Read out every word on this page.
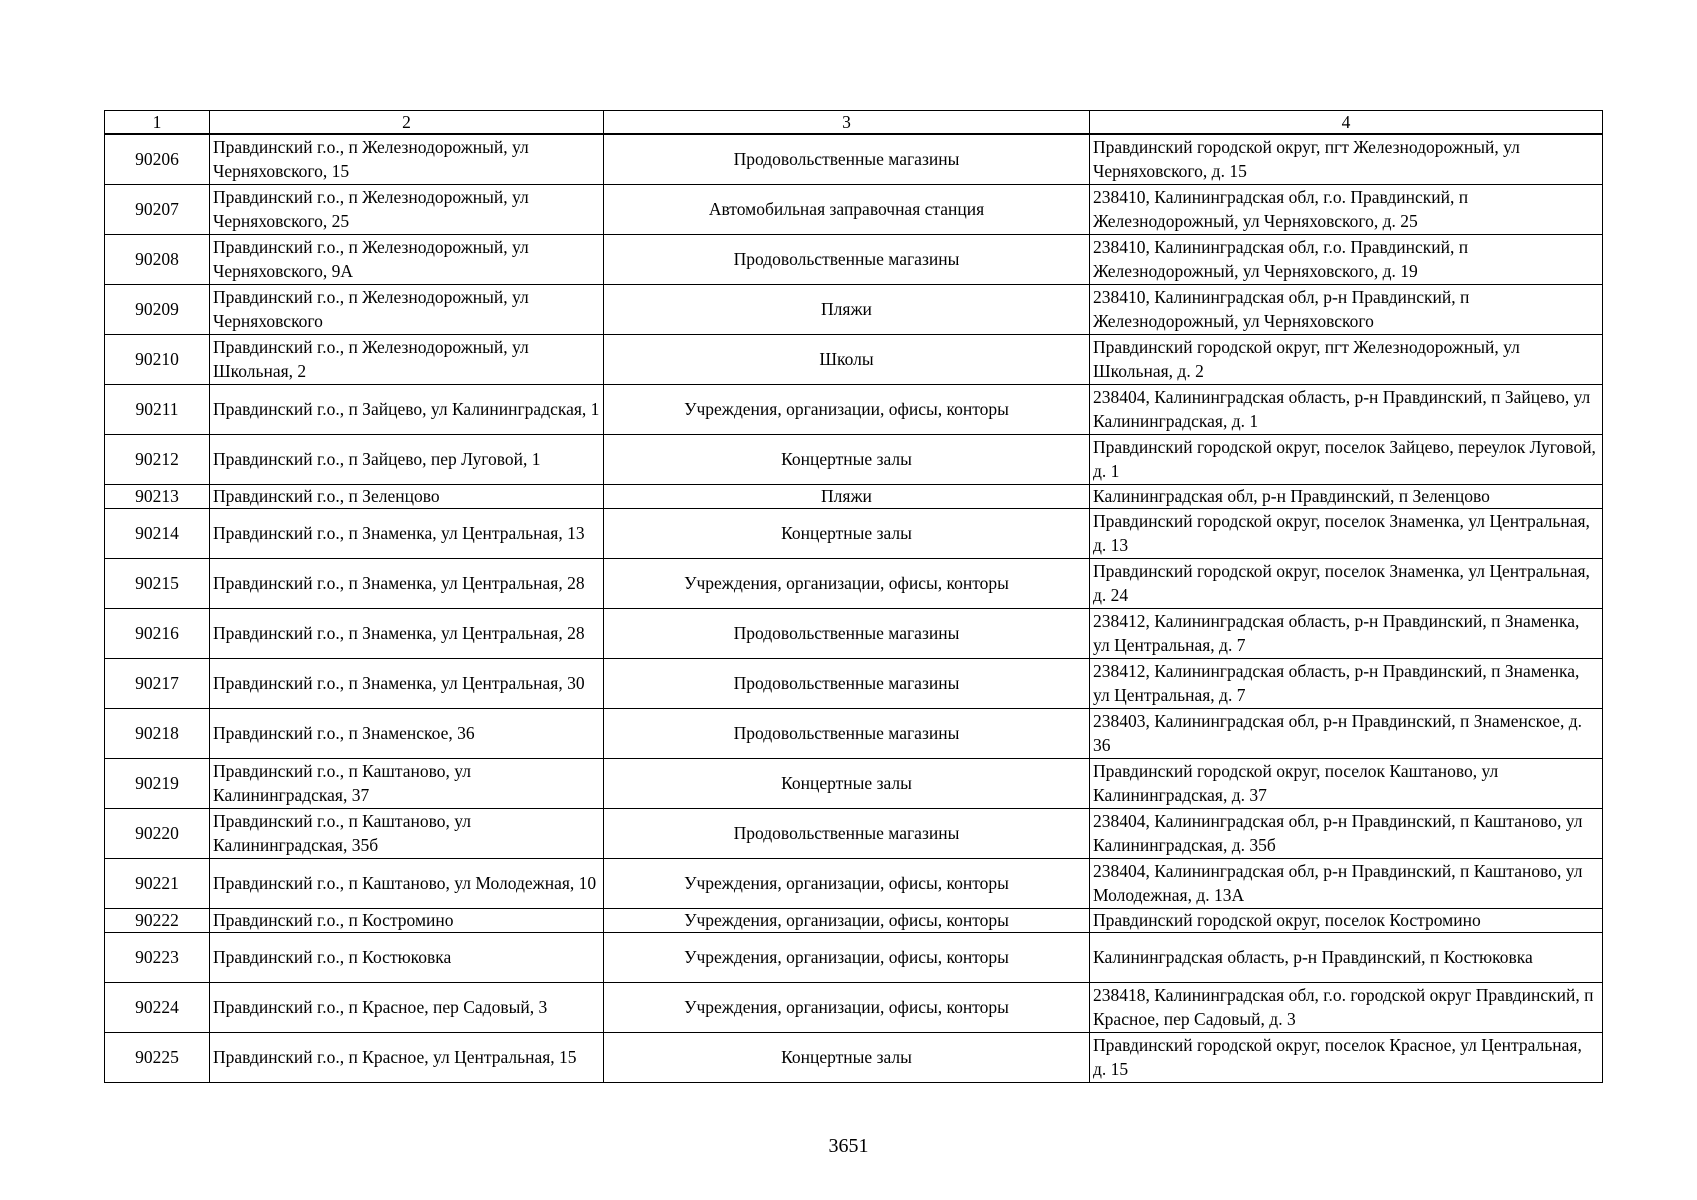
1	2	3	4
90206	Правдинский г.о., п Железнодорожный, ул Черняховского, 15	Продовольственные магазины	Правдинский городской округ, пгт Железнодорожный, ул Черняховского, д. 15
90207	Правдинский г.о., п Железнодорожный, ул Черняховского, 25	Автомобильная заправочная станция	238410, Калининградская обл, г.о. Правдинский, п Железнодорожный, ул Черняховского, д. 25
90208	Правдинский г.о., п Железнодорожный, ул Черняховского, 9А	Продовольственные магазины	238410, Калининградская обл, г.о. Правдинский, п Железнодорожный, ул Черняховского, д. 19
90209	Правдинский г.о., п Железнодорожный, ул Черняховского	Пляжи	238410, Калининградская обл, р-н Правдинский, п Железнодорожный, ул Черняховского
90210	Правдинский г.о., п Железнодорожный, ул Школьная, 2	Школы	Правдинский городской округ, пгт Железнодорожный, ул Школьная, д. 2
90211	Правдинский г.о., п Зайцево, ул Калининградская, 1	Учреждения, организации, офисы, конторы	238404, Калининградская область, р-н Правдинский, п Зайцево, ул Калининградская, д. 1
90212	Правдинский г.о., п Зайцево, пер Луговой, 1	Концертные залы	Правдинский городской округ, поселок Зайцево, переулок Луговой, д. 1
90213	Правдинский г.о., п Зеленцово	Пляжи	Калининградская обл, р-н Правдинский, п Зеленцово
90214	Правдинский г.о., п Знаменка, ул Центральная, 13	Концертные залы	Правдинский городской округ, поселок Знаменка, ул Центральная, д. 13
90215	Правдинский г.о., п Знаменка, ул Центральная, 28	Учреждения, организации, офисы, конторы	Правдинский городской округ, поселок Знаменка, ул Центральная, д. 24
90216	Правдинский г.о., п Знаменка, ул Центральная, 28	Продовольственные магазины	238412, Калининградская область, р-н Правдинский, п Знаменка, ул Центральная, д. 7
90217	Правдинский г.о., п Знаменка, ул Центральная, 30	Продовольственные магазины	238412, Калининградская область, р-н Правдинский, п Знаменка, ул Центральная, д. 7
90218	Правдинский г.о., п Знаменское, 36	Продовольственные магазины	238403, Калининградская обл, р-н Правдинский, п Знаменское, д. 36
90219	Правдинский г.о., п Каштаново, ул Калининградская, 37	Концертные залы	Правдинский городской округ, поселок Каштаново, ул Калининградская, д. 37
90220	Правдинский г.о., п Каштаново, ул Калининградская, 35б	Продовольственные магазины	238404, Калининградская обл, р-н Правдинский, п Каштаново, ул Калининградская, д. 35б
90221	Правдинский г.о., п Каштаново, ул Молодежная, 10	Учреждения, организации, офисы, конторы	238404, Калининградская обл, р-н Правдинский, п Каштаново, ул Молодежная, д. 13А
90222	Правдинский г.о., п Костромино	Учреждения, организации, офисы, конторы	Правдинский городской округ, поселок Костромино
90223	Правдинский г.о., п Костюковка	Учреждения, организации, офисы, конторы	Калининградская область, р-н Правдинский, п Костюковка
90224	Правдинский г.о., п Красное, пер Садовый, 3	Учреждения, организации, офисы, конторы	238418, Калининградская обл, г.о. городской округ Правдинский, п Красное, пер Садовый, д. 3
90225	Правдинский г.о., п Красное, ул Центральная, 15	Концертные залы	Правдинский городской округ, поселок Красное, ул Центральная, д. 15
3651
